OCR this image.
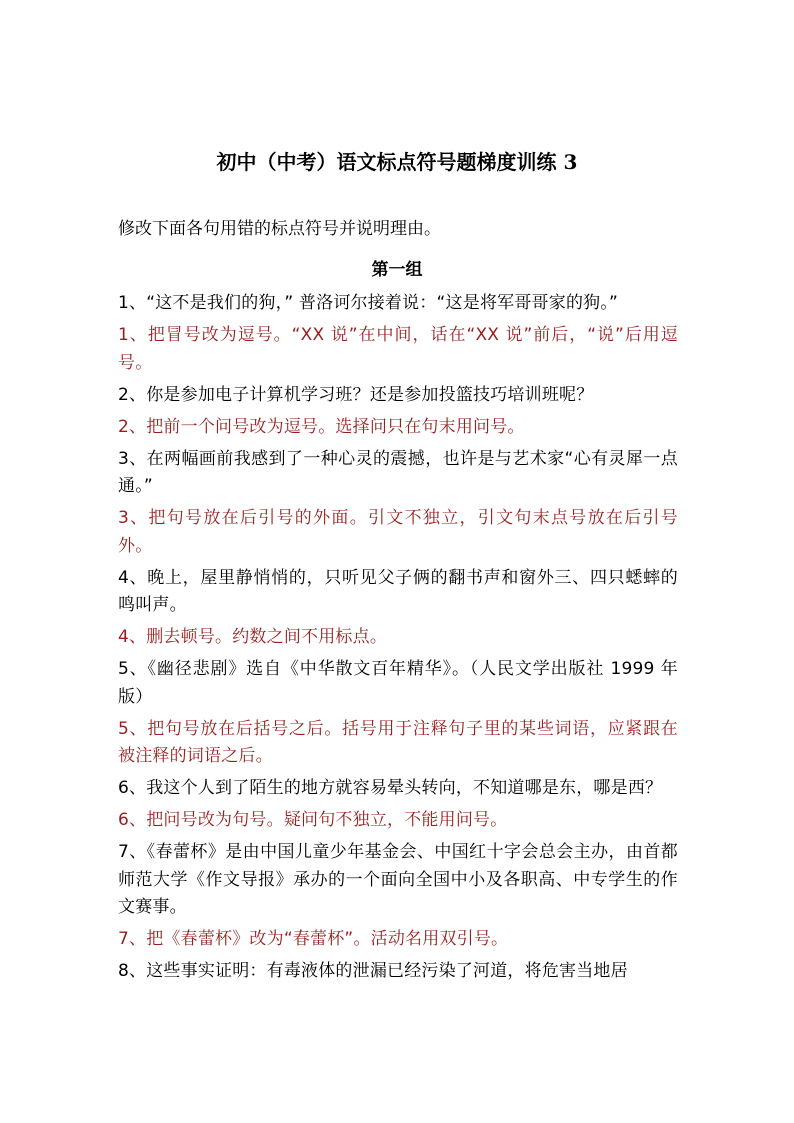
初中（中考）语文标点符号题梯度训练 3
修改下面各句用错的标点符号并说明理由。
第一组

1、“这不是我们的狗，” 普洛诃尔接着说：“这是将军哥哥家的狗。”

1、把冒号改为逗号。“XX 说”在中间，话在“XX 说”前后，“说”后用逗号。

2、你是参加电子计算机学习班？还是参加投篮技巧培训班呢？

2、把前一个问号改为逗号。选择问只在句末用问号。

3、在两幅画前我感到了一种心灵的震撼，也许是与艺术家“心有灵犀一点通。”

3、把句号放在后引号的外面。引文不独立，引文句末点号放在后引号外。

4、晚上，屋里静悄悄的，只听见父子俩的翻书声和窗外三、四只蟋蟀的鸣叫声。

4、删去顿号。约数之间不用标点。

5、《幽径悲剧》选自《中华散文百年精华》。（人民文学出版社 1999 年版）

5、把句号放在后括号之后。括号用于注释句子里的某些词语，应紧跟在被注释的词语之后。

6、我这个人到了陌生的地方就容易晕头转向，不知道哪是东，哪是西？

6、把问号改为句号。疑问句不独立，不能用问号。

7、《春蕾杯》是由中国儿童少年基金会、中国红十字会总会主办，由首都师范大学《作文导报》承办的一个面向全国中小及各职高、中专学生的作文赛事。

7、把《春蕾杯》改为“春蕾杯”。活动名用双引号。

8、这些事实证明：有毒液体的泄漏已经污染了河道，将危害当地居
